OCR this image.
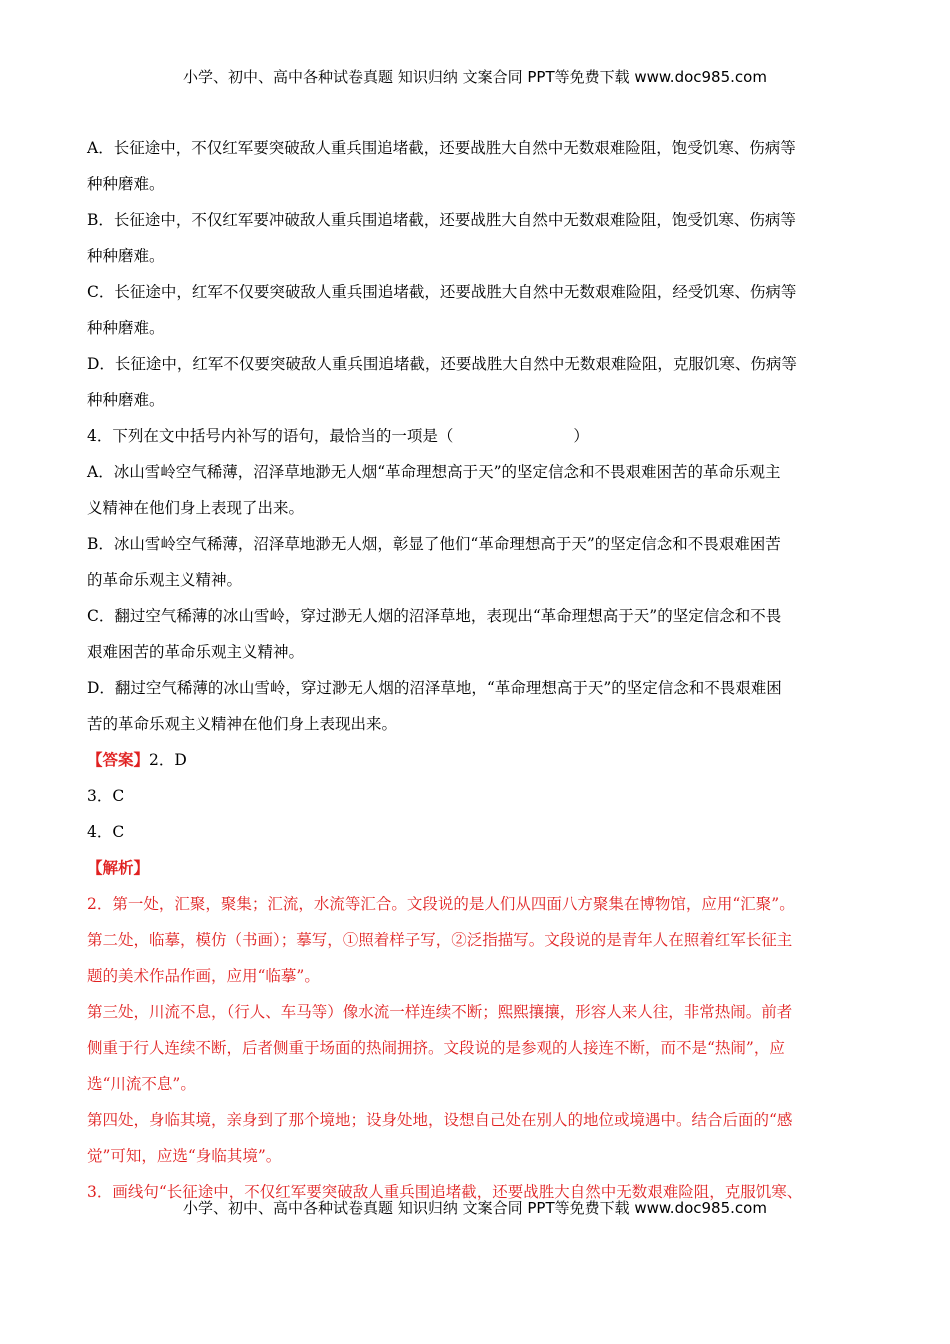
小学、初中、高中各种试卷真题 知识归纳 文案合同 PPT等免费下载 www.doc985.com

A．长征途中，不仅红军要突破敌人重兵围追堵截，还要战胜大自然中无数艰难险阻，饱受饥寒、伤病等

种种磨难。

B．长征途中，不仅红军要冲破敌人重兵围追堵截，还要战胜大自然中无数艰难险阻，饱受饥寒、伤病等

种种磨难。

C．长征途中，红军不仅要突破敌人重兵围追堵截，还要战胜大自然中无数艰难险阻，经受饥寒、伤病等

种种磨难。

D．长征途中，红军不仅要突破敌人重兵围追堵截，还要战胜大自然中无数艰难险阻，克服饥寒、伤病等

种种磨难。

4．下列在文中括号内补写的语句，最恰当的一项是（	）

A．冰山雪岭空气稀薄，沼泽草地渺无人烟“革命理想高于天”的坚定信念和不畏艰难困苦的革命乐观主

义精神在他们身上表现了出来。

B．冰山雪岭空气稀薄，沼泽草地渺无人烟，彰显了他们“革命理想高于天”的坚定信念和不畏艰难困苦

的革命乐观主义精神。

C．翻过空气稀薄的冰山雪岭，穿过渺无人烟的沼泽草地，表现出“革命理想高于天”的坚定信念和不畏

艰难困苦的革命乐观主义精神。

D．翻过空气稀薄的冰山雪岭，穿过渺无人烟的沼泽草地，“革命理想高于天”的坚定信念和不畏艰难困

苦的革命乐观主义精神在他们身上表现出来。

【答案】2．D

3．C

4．C

【解析】

2．第一处，汇聚，聚集；汇流，水流等汇合。文段说的是人们从四面八方聚集在博物馆，应用“汇聚”。

第二处，临摹，模仿（书画）；摹写，①照着样子写，②泛指描写。文段说的是青年人在照着红军长征主

题的美术作品作画，应用“临摹”。

第三处，川流不息，（行人、车马等）像水流一样连续不断；熙熙攘攘，形容人来人往，非常热闹。前者

侧重于行人连续不断，后者侧重于场面的热闹拥挤。文段说的是参观的人接连不断，而不是“热闹”，应

选“川流不息”。

第四处，身临其境，亲身到了那个境地；设身处地，设想自己处在别人的地位或境遇中。结合后面的“感

觉”可知，应选“身临其境”。

3．画线句“长征途中，不仅红军要突破敌人重兵围追堵截，还要战胜大自然中无数艰难险阻，克服饥寒、

小学、初中、高中各种试卷真题 知识归纳 文案合同 PPT等免费下载 www.doc985.com
